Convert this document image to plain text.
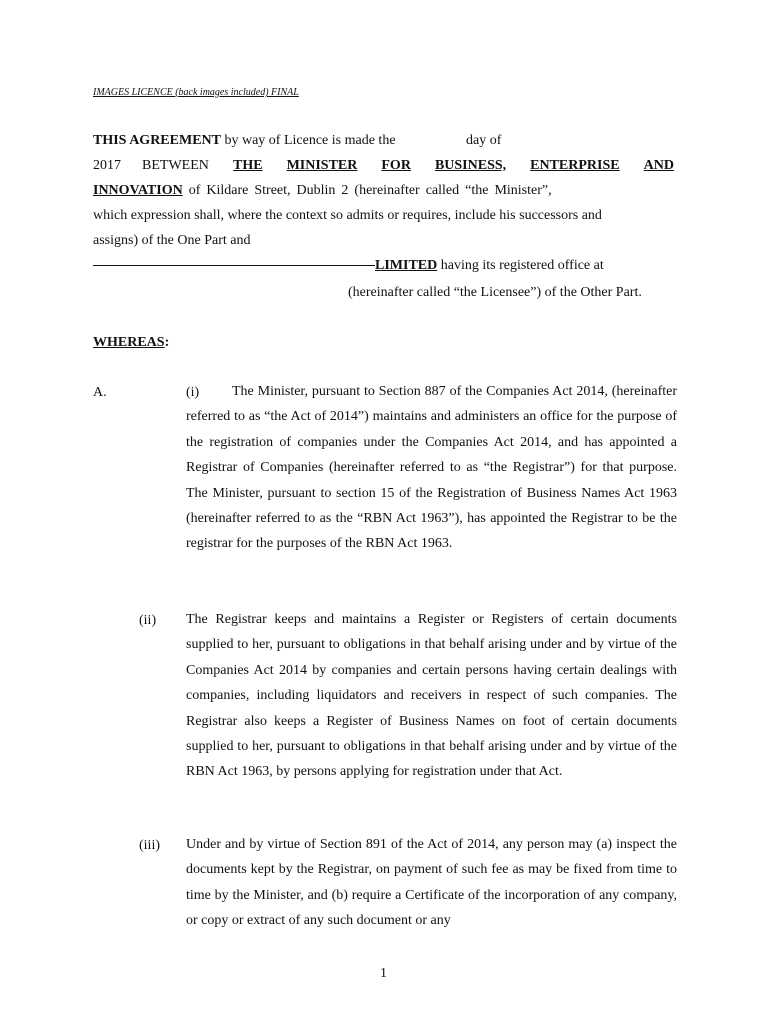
IMAGES LICENCE (back images included) FINAL
THIS AGREEMENT by way of Licence is made the	day of
2017 BETWEEN THE MINISTER FOR BUSINESS, ENTERPRISE AND
INNOVATION of Kildare Street, Dublin 2 (hereinafter called “the Minister”,
which expression shall, where the context so admits or requires, include his successors and
assigns) of the One Part and
LIMITED having its registered office at
(hereinafter called “the Licensee”) of the Other Part.
WHEREAS:
A.	(i)	The Minister, pursuant to Section 887 of the Companies Act 2014, (hereinafter referred to as “the Act of 2014”) maintains and administers an office for the purpose of the registration of companies under the Companies Act 2014, and has appointed a Registrar of Companies (hereinafter referred to as “the Registrar”) for that purpose. The Minister, pursuant to section 15 of the Registration of Business Names Act 1963 (hereinafter referred to as the “RBN Act 1963”), has appointed the Registrar to be the registrar for the purposes of the RBN Act 1963.
(ii) The Registrar keeps and maintains a Register or Registers of certain documents supplied to her, pursuant to obligations in that behalf arising under and by virtue of the Companies Act 2014 by companies and certain persons having certain dealings with companies, including liquidators and receivers in respect of such companies. The Registrar also keeps a Register of Business Names on foot of certain documents supplied to her, pursuant to obligations in that behalf arising under and by virtue of the RBN Act 1963, by persons applying for registration under that Act.
(iii) Under and by virtue of Section 891 of the Act of 2014, any person may (a) inspect the documents kept by the Registrar, on payment of such fee as may be fixed from time to time by the Minister, and (b) require a Certificate of the incorporation of any company, or copy or extract of any such document or any
1
